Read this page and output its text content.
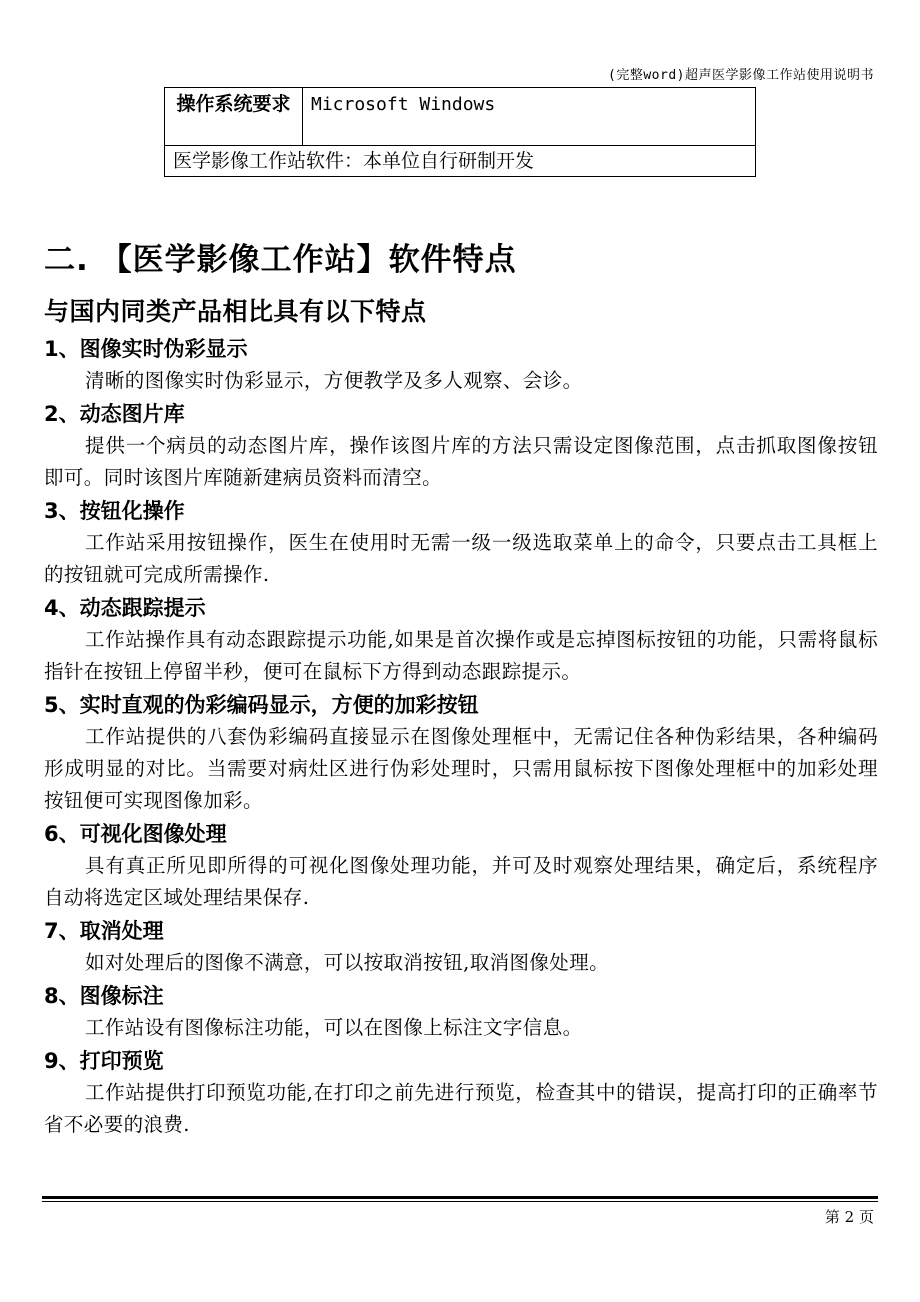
(完整word)超声医学影像工作站使用说明书
操作系统要求	Microsoft Windows
医学影像工作站软件：本单位自行研制开发
二. 【医学影像工作站】软件特点
与国内同类产品相比具有以下特点
1、图像实时伪彩显示
清晰的图像实时伪彩显示，方便教学及多人观察、会诊。
2、动态图片库
提供一个病员的动态图片库，操作该图片库的方法只需设定图像范围，点击抓取图像按钮即可。同时该图片库随新建病员资料而清空。
3、按钮化操作
工作站采用按钮操作，医生在使用时无需一级一级选取菜单上的命令，只要点击工具框上的按钮就可完成所需操作.
4、动态跟踪提示
工作站操作具有动态跟踪提示功能,如果是首次操作或是忘掉图标按钮的功能，只需将鼠标指针在按钮上停留半秒，便可在鼠标下方得到动态跟踪提示。
5、实时直观的伪彩编码显示，方便的加彩按钮
工作站提供的八套伪彩编码直接显示在图像处理框中，无需记住各种伪彩结果，各种编码形成明显的对比。当需要对病灶区进行伪彩处理时，只需用鼠标按下图像处理框中的加彩处理按钮便可实现图像加彩。
6、可视化图像处理
具有真正所见即所得的可视化图像处理功能，并可及时观察处理结果，确定后，系统程序自动将选定区域处理结果保存.
7、取消处理
如对处理后的图像不满意，可以按取消按钮,取消图像处理。
8、图像标注
工作站设有图像标注功能，可以在图像上标注文字信息。
9、打印预览
工作站提供打印预览功能,在打印之前先进行预览，检查其中的错误，提高打印的正确率节省不必要的浪费.
第 2 页
